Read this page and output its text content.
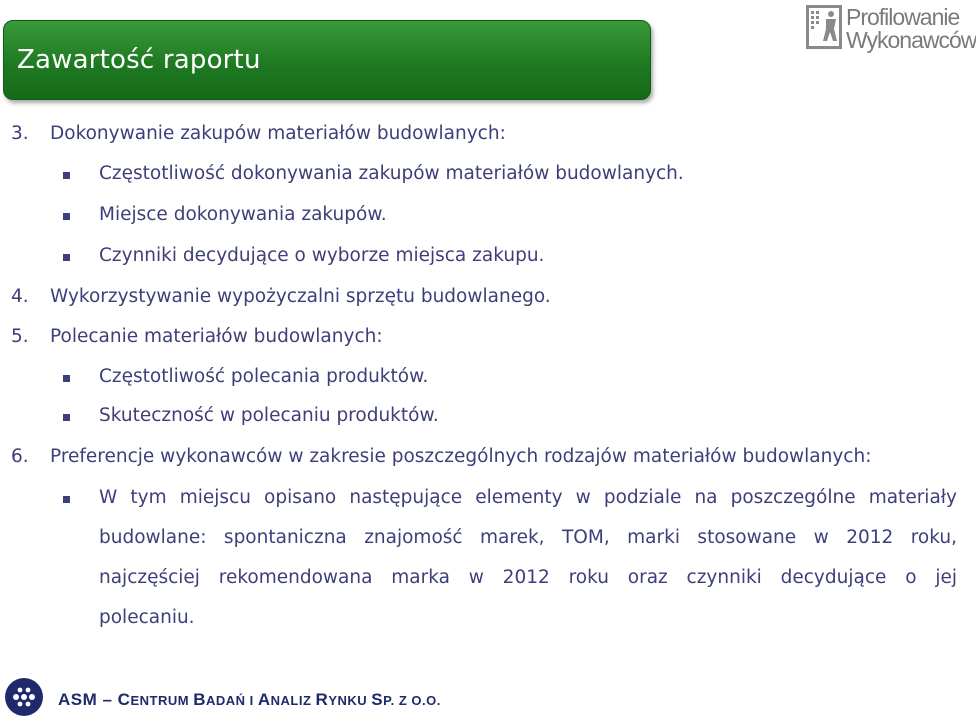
Zawartość raportu
Profilowanie
Wykonawców
3. Dokonywanie zakupów materiałów budowlanych:
Częstotliwość dokonywania zakupów materiałów budowlanych.
Miejsce dokonywania zakupów.
Czynniki decydujące o wyborze miejsca zakupu.
4. Wykorzystywanie wypożyczalni sprzętu budowlanego.
5. Polecanie materiałów budowlanych:
Częstotliwość polecania produktów.
Skuteczność w polecaniu produktów.
6. Preferencje wykonawców w zakresie poszczególnych rodzajów materiałów budowlanych:
W tym miejscu opisano następujące elementy w podziale na poszczególne materiały
budowlane: spontaniczna znajomość marek, TOM, marki stosowane w 2012 roku,
najczęściej rekomendowana marka w 2012 roku oraz czynniki decydujące o jej
polecaniu.
ASM – CENTRUM BADAŃ I ANALIZ RYNKU SP. Z O.O.
